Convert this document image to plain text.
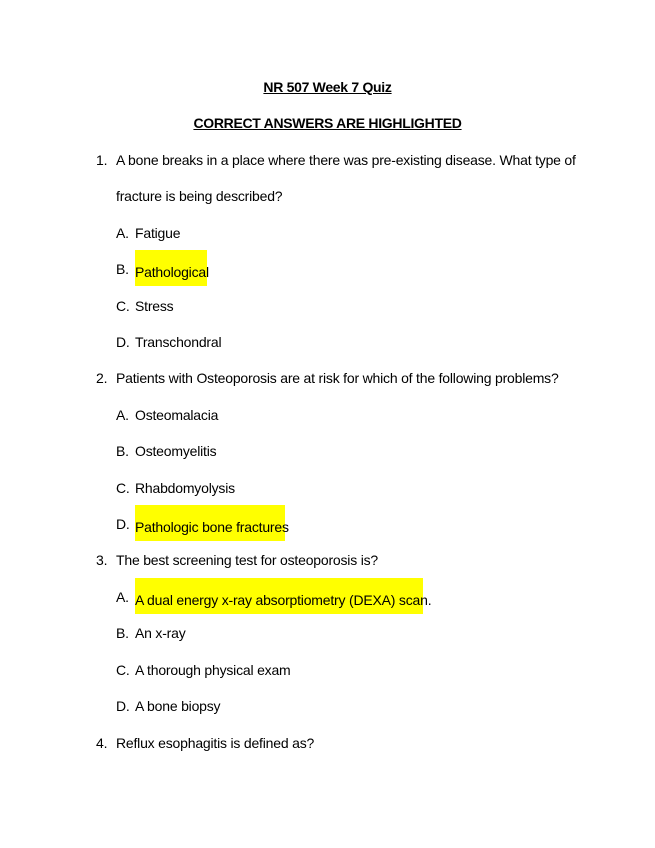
NR 507 Week 7 Quiz
CORRECT ANSWERS ARE HIGHLIGHTED
1. A bone breaks in a place where there was pre-existing disease. What type of
fracture is being described?
A. Fatigue
B. Pathological
C. Stress
D. Transchondral
2. Patients with Osteoporosis are at risk for which of the following problems?
A. Osteomalacia
B. Osteomyelitis
C. Rhabdomyolysis
D. Pathologic bone fractures
3. The best screening test for osteoporosis is?
A. A dual energy x-ray absorptiometry (DEXA) scan.
B. An x-ray
C. A thorough physical exam
D. A bone biopsy
4. Reflux esophagitis is defined as?
